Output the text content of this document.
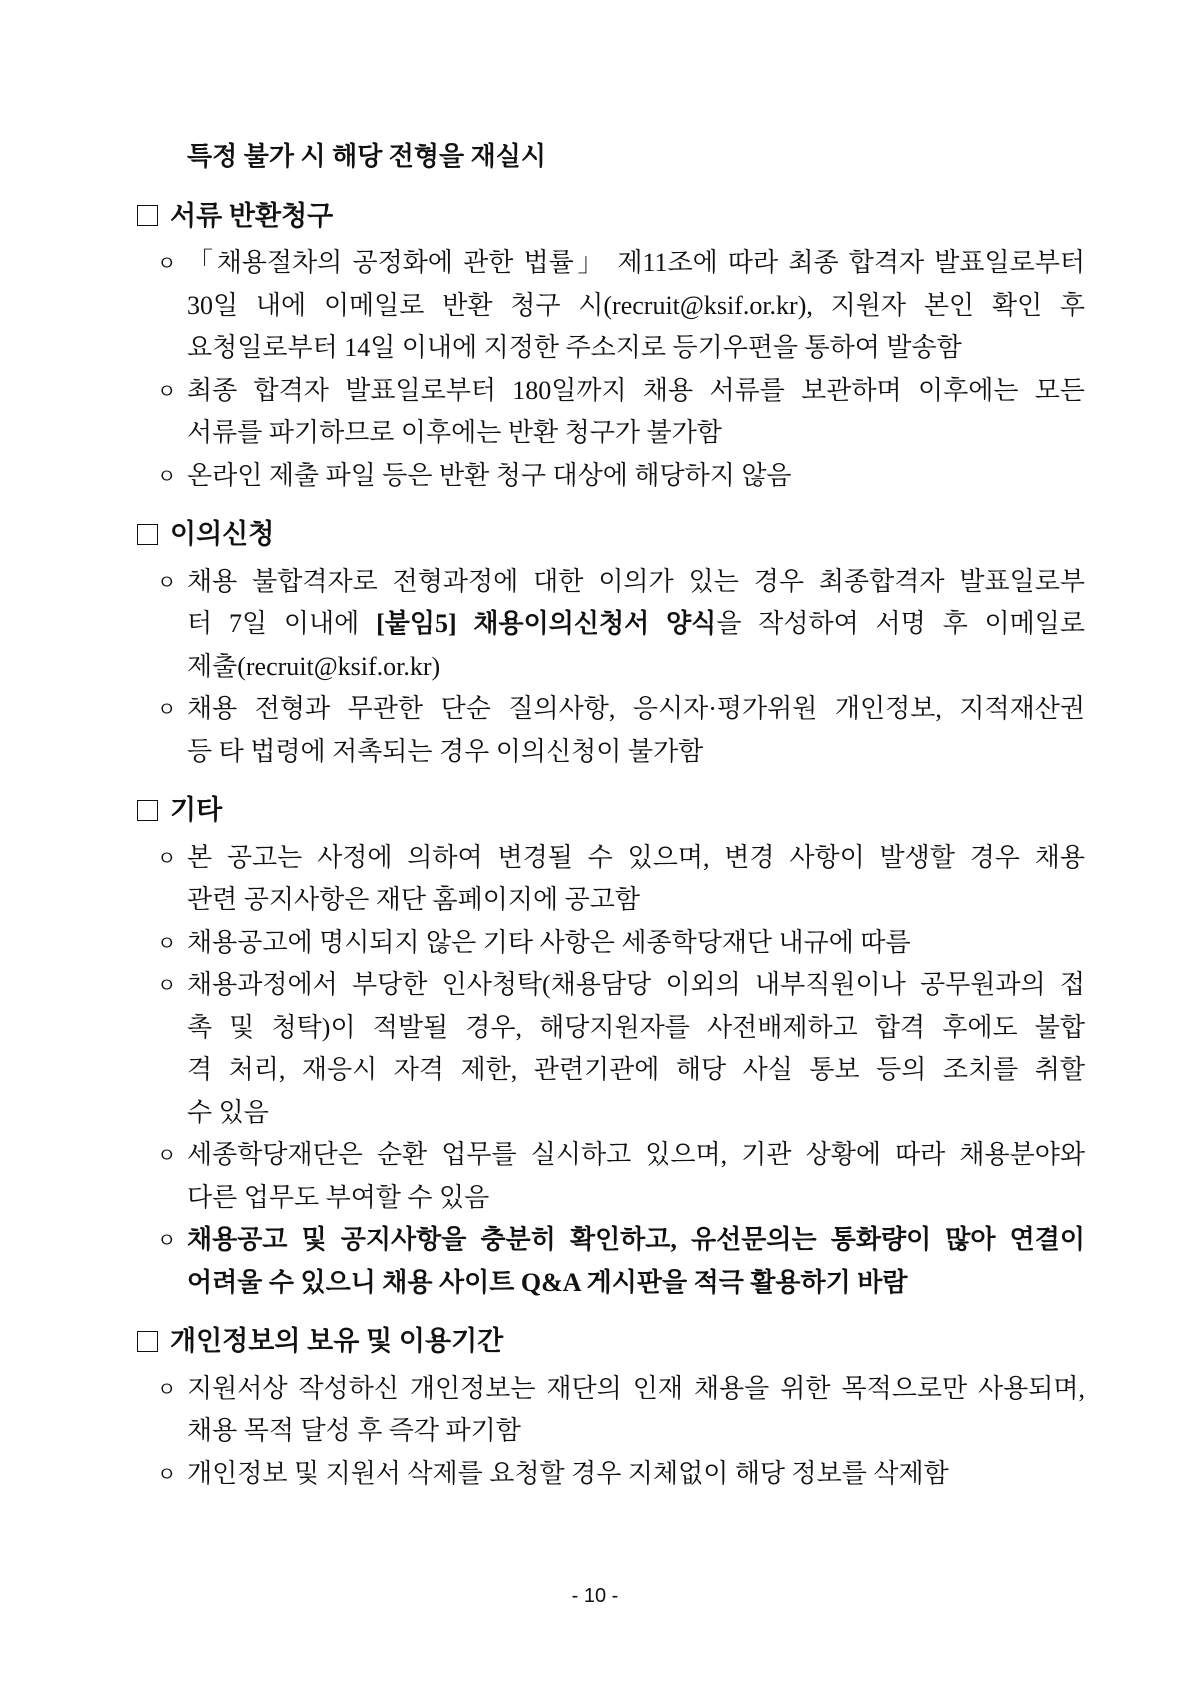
특정 불가 시 해당 전형을 재실시
서류 반환청구
ㅇ 「채용절차의 공정화에 관한 법률」 제11조에 따라 최종 합격자 발표일로부터
30일 내에 이메일로 반환 청구 시(recruit@ksif.or.kr), 지원자 본인 확인 후
요청일로부터 14일 이내에 지정한 주소지로 등기우편을 통하여 발송함
ㅇ 최종 합격자 발표일로부터 180일까지 채용 서류를 보관하며 이후에는 모든
서류를 파기하므로 이후에는 반환 청구가 불가함
ㅇ 온라인 제출 파일 등은 반환 청구 대상에 해당하지 않음
이의신청
ㅇ 채용 불합격자로 전형과정에 대한 이의가 있는 경우 최종합격자 발표일로부
터 7일 이내에 [붙임5] 채용이의신청서 양식을 작성하여 서명 후 이메일로
제출(recruit@ksif.or.kr)
ㅇ 채용 전형과 무관한 단순 질의사항, 응시자·평가위원 개인정보, 지적재산권
등 타 법령에 저촉되는 경우 이의신청이 불가함
기타
ㅇ 본 공고는 사정에 의하여 변경될 수 있으며, 변경 사항이 발생할 경우 채용
관련 공지사항은 재단 홈페이지에 공고함
ㅇ 채용공고에 명시되지 않은 기타 사항은 세종학당재단 내규에 따름
ㅇ 채용과정에서 부당한 인사청탁(채용담당 이외의 내부직원이나 공무원과의 접
촉 및 청탁)이 적발될 경우, 해당지원자를 사전배제하고 합격 후에도 불합
격 처리, 재응시 자격 제한, 관련기관에 해당 사실 통보 등의 조치를 취할
수 있음
ㅇ 세종학당재단은 순환 업무를 실시하고 있으며, 기관 상황에 따라 채용분야와
다른 업무도 부여할 수 있음
ㅇ 채용공고 및 공지사항을 충분히 확인하고, 유선문의는 통화량이 많아 연결이
어려울 수 있으니 채용 사이트 Q&A 게시판을 적극 활용하기 바람
개인정보의 보유 및 이용기간
ㅇ 지원서상 작성하신 개인정보는 재단의 인재 채용을 위한 목적으로만 사용되며,
채용 목적 달성 후 즉각 파기함
ㅇ 개인정보 및 지원서 삭제를 요청할 경우 지체없이 해당 정보를 삭제함
- 10 -
